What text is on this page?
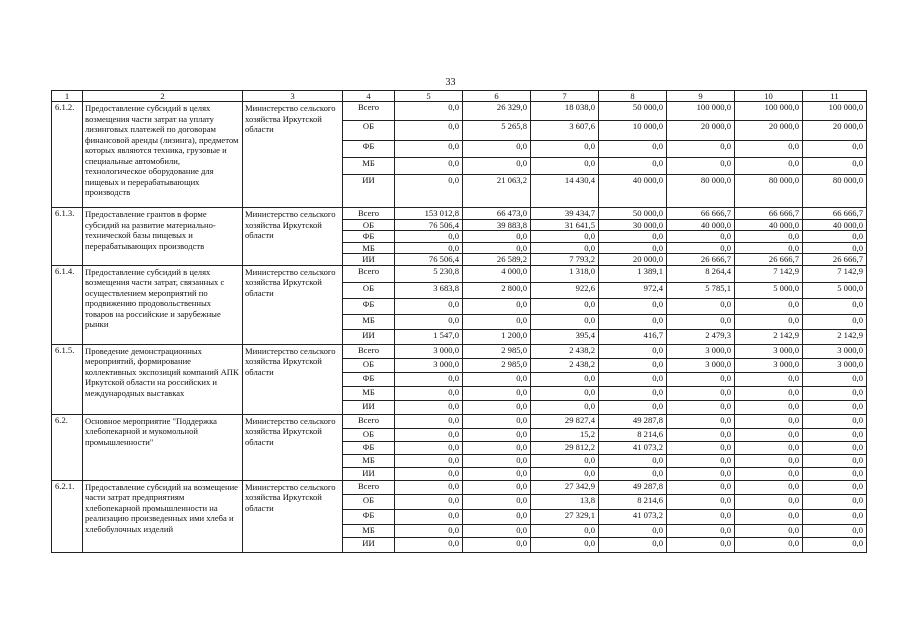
33
1	2	3	4	5	6	7	8	9	10	11
6.1.2.	Предоставление субсидий в целях возмещения части затрат на уплату лизинговых платежей по договорам финансовой аренды (лизинга), предметом которых являются техника, грузовые и специальные автомобили, технологическое оборудование для пищевых и перерабатывающих производств	Министерство сельского хозяйства Иркутской области	Всего	0,0	26 329,0	18 038,0	50 000,0	100 000,0	100 000,0	100 000,0
			ОБ	0,0	5 265,8	3 607,6	10 000,0	20 000,0	20 000,0	20 000,0
			ФБ	0,0	0,0	0,0	0,0	0,0	0,0	0,0
			МБ	0,0	0,0	0,0	0,0	0,0	0,0	0,0
			ИИ	0,0	21 063,2	14 430,4	40 000,0	80 000,0	80 000,0	80 000,0
6.1.3.	Предоставление грантов в форме субсидий на развитие материально-технической базы пищевых и перерабатывающих производств	Министерство сельского хозяйства Иркутской области	Всего	153 012,8	66 473,0	39 434,7	50 000,0	66 666,7	66 666,7	66 666,7
			ОБ	76 506,4	39 883,8	31 641,5	30 000,0	40 000,0	40 000,0	40 000,0
			ФБ	0,0	0,0	0,0	0,0	0,0	0,0	0,0
			МБ	0,0	0,0	0,0	0,0	0,0	0,0	0,0
			ИИ	76 506,4	26 589,2	7 793,2	20 000,0	26 666,7	26 666,7	26 666,7
6.1.4.	Предоставление субсидий в целях возмещения части затрат, связанных с осуществлением мероприятий по продвижению продовольственных товаров на российские и зарубежные рынки	Министерство сельского хозяйства Иркутской области	Всего	5 230,8	4 000,0	1 318,0	1 389,1	8 264,4	7 142,9	7 142,9
			ОБ	3 683,8	2 800,0	922,6	972,4	5 785,1	5 000,0	5 000,0
			ФБ	0,0	0,0	0,0	0,0	0,0	0,0	0,0
			МБ	0,0	0,0	0,0	0,0	0,0	0,0	0,0
			ИИ	1 547,0	1 200,0	395,4	416,7	2 479,3	2 142,9	2 142,9
6.1.5.	Проведение демонстрационных мероприятий, формирование коллективных экспозиций компаний АПК Иркутской области на российских и международных выставках	Министерство сельского хозяйства Иркутской области	Всего	3 000,0	2 985,0	2 438,2	0,0	3 000,0	3 000,0	3 000,0
			ОБ	3 000,0	2 985,0	2 438,2	0,0	3 000,0	3 000,0	3 000,0
			ФБ	0,0	0,0	0,0	0,0	0,0	0,0	0,0
			МБ	0,0	0,0	0,0	0,0	0,0	0,0	0,0
			ИИ	0,0	0,0	0,0	0,0	0,0	0,0	0,0
6.2.	Основное мероприятие "Поддержка хлебопекарной и мукомольной промышленности"	Министерство сельского хозяйства Иркутской области	Всего	0,0	0,0	29 827,4	49 287,8	0,0	0,0	0,0
			ОБ	0,0	0,0	15,2	8 214,6	0,0	0,0	0,0
			ФБ	0,0	0,0	29 812,2	41 073,2	0,0	0,0	0,0
			МБ	0,0	0,0	0,0	0,0	0,0	0,0	0,0
			ИИ	0,0	0,0	0,0	0,0	0,0	0,0	0,0
6.2.1.	Предоставление субсидий на возмещение части затрат предприятиям хлебопекарной промышленности на реализацию произведенных ими хлеба и хлебобулочных изделий	Министерство сельского хозяйства Иркутской области	Всего	0,0	0,0	27 342,9	49 287,8	0,0	0,0	0,0
			ОБ	0,0	0,0	13,8	8 214,6	0,0	0,0	0,0
			ФБ	0,0	0,0	27 329,1	41 073,2	0,0	0,0	0,0
			МБ	0,0	0,0	0,0	0,0	0,0	0,0	0,0
			ИИ	0,0	0,0	0,0	0,0	0,0	0,0	0,0
